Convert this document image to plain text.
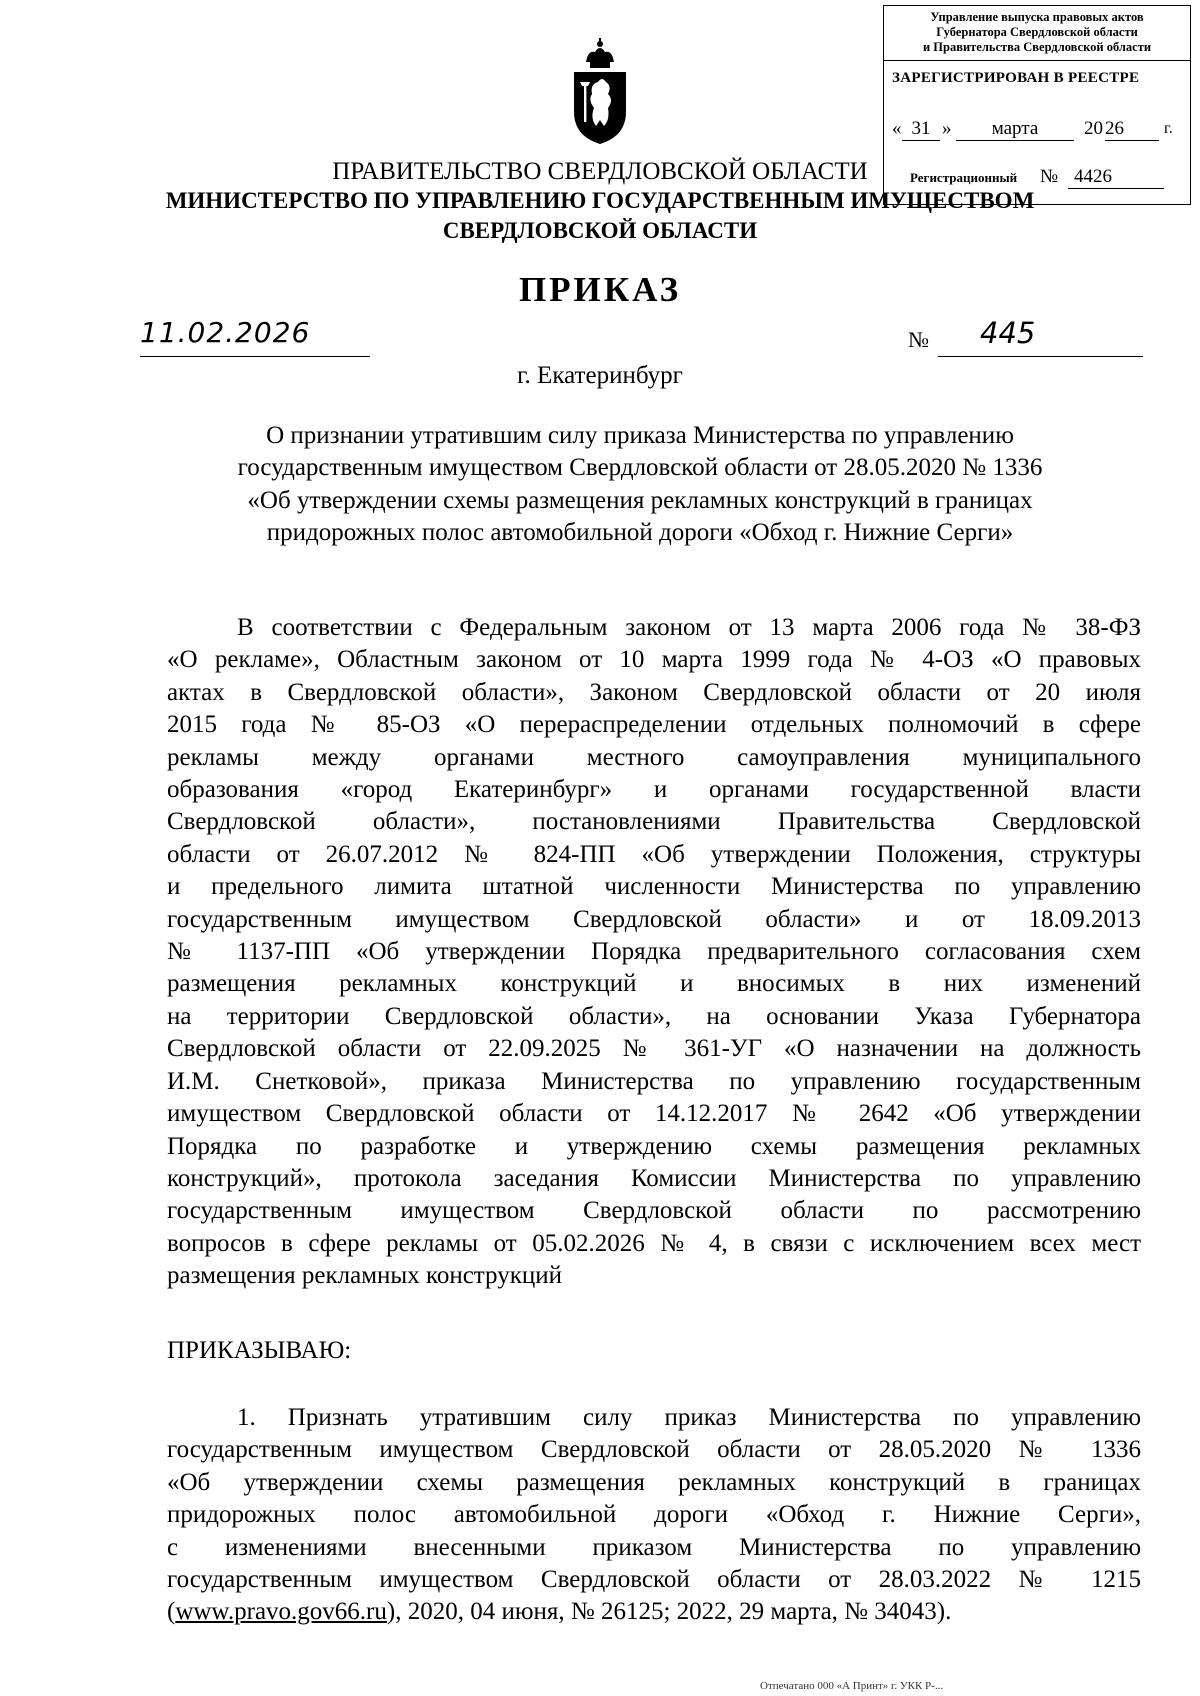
Управление выпуска правовых актов
Губернатора Свердловской области
и Правительства Свердловской области
ЗАРЕГИСТРИРОВАН В РЕЕСТРЕ
« 31 »	марта	20 26	г.
Регистрационный № 4426
ПРАВИТЕЛЬСТВО СВЕРДЛОВСКОЙ ОБЛАСТИ
МИНИСТЕРСТВО ПО УПРАВЛЕНИЮ ГОСУДАРСТВЕННЫМ ИМУЩЕСТВОМ
СВЕРДЛОВСКОЙ ОБЛАСТИ
ПРИКАЗ
11.02.2026	№ 445
г. Екатеринбург
О признании утратившим силу приказа Министерства по управлению
государственным имуществом Свердловской области от 28.05.2020 № 1336
«Об утверждении схемы размещения рекламных конструкций в границах
придорожных полос автомобильной дороги «Обход г. Нижние Серги»
В соответствии с Федеральным законом от 13 марта 2006 года № 38-ФЗ
«О рекламе», Областным законом от 10 марта 1999 года № 4-ОЗ «О правовых
актах в Свердловской области», Законом Свердловской области от 20 июля
2015 года № 85-ОЗ «О перераспределении отдельных полномочий в сфере
рекламы между органами местного самоуправления муниципального
образования «город Екатеринбург» и органами государственной власти
Свердловской области», постановлениями Правительства Свердловской
области от 26.07.2012 № 824-ПП «Об утверждении Положения, структуры
и предельного лимита штатной численности Министерства по управлению
государственным имуществом Свердловской области» и от 18.09.2013
№ 1137-ПП «Об утверждении Порядка предварительного согласования схем
размещения рекламных конструкций и вносимых в них изменений
на территории Свердловской области», на основании Указа Губернатора
Свердловской области от 22.09.2025 № 361-УГ «О назначении на должность
И.М. Снетковой», приказа Министерства по управлению государственным
имуществом Свердловской области от 14.12.2017 № 2642 «Об утверждении
Порядка по разработке и утверждению схемы размещения рекламных
конструкций», протокола заседания Комиссии Министерства по управлению
государственным имуществом Свердловской области по рассмотрению
вопросов в сфере рекламы от 05.02.2026 № 4, в связи с исключением всех мест
размещения рекламных конструкций
ПРИКАЗЫВАЮ:
1. Признать утратившим силу приказ Министерства по управлению
государственным имуществом Свердловской области от 28.05.2020 № 1336
«Об утверждении схемы размещения рекламных конструкций в границах
придорожных полос автомобильной дороги «Обход г. Нижние Серги»,
с изменениями внесенными приказом Министерства по управлению
государственным имуществом Свердловской области от 28.03.2022 № 1215
(www.pravo.gov66.ru), 2020, 04 июня, № 26125; 2022, 29 марта, № 34043).
Отпечатано 000 «А Принт» г. УКК Р-...
